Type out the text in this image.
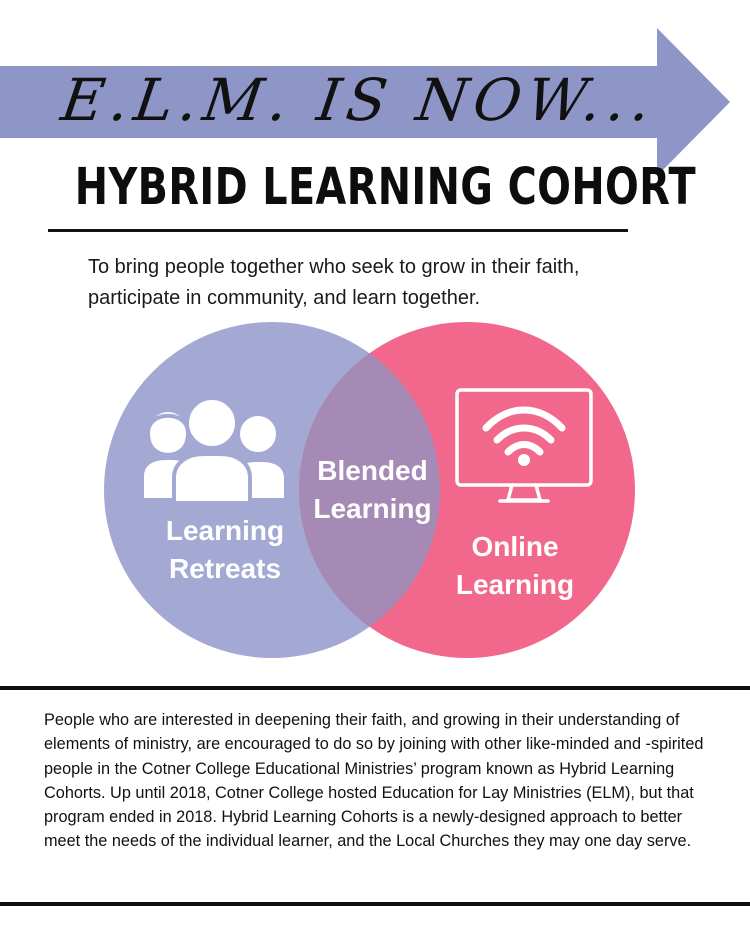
E.L.M. IS NOW...
HYBRID LEARNING COHORT
To bring people together who seek to grow in their faith, participate in community, and learn together.
Learning
Retreats
Blended
Learning
Online
Learning
People who are interested in deepening their faith, and growing in their understanding of elements of ministry, are encouraged to do so by joining with other like-minded and -spirited people in the Cotner College Educational Ministries’ program known as Hybrid Learning Cohorts. Up until 2018, Cotner College hosted Education for Lay Ministries (ELM), but that program ended in 2018. Hybrid Learning Cohorts is a newly-designed approach to better meet the needs of the individual learner, and the Local Churches they may one day serve.
